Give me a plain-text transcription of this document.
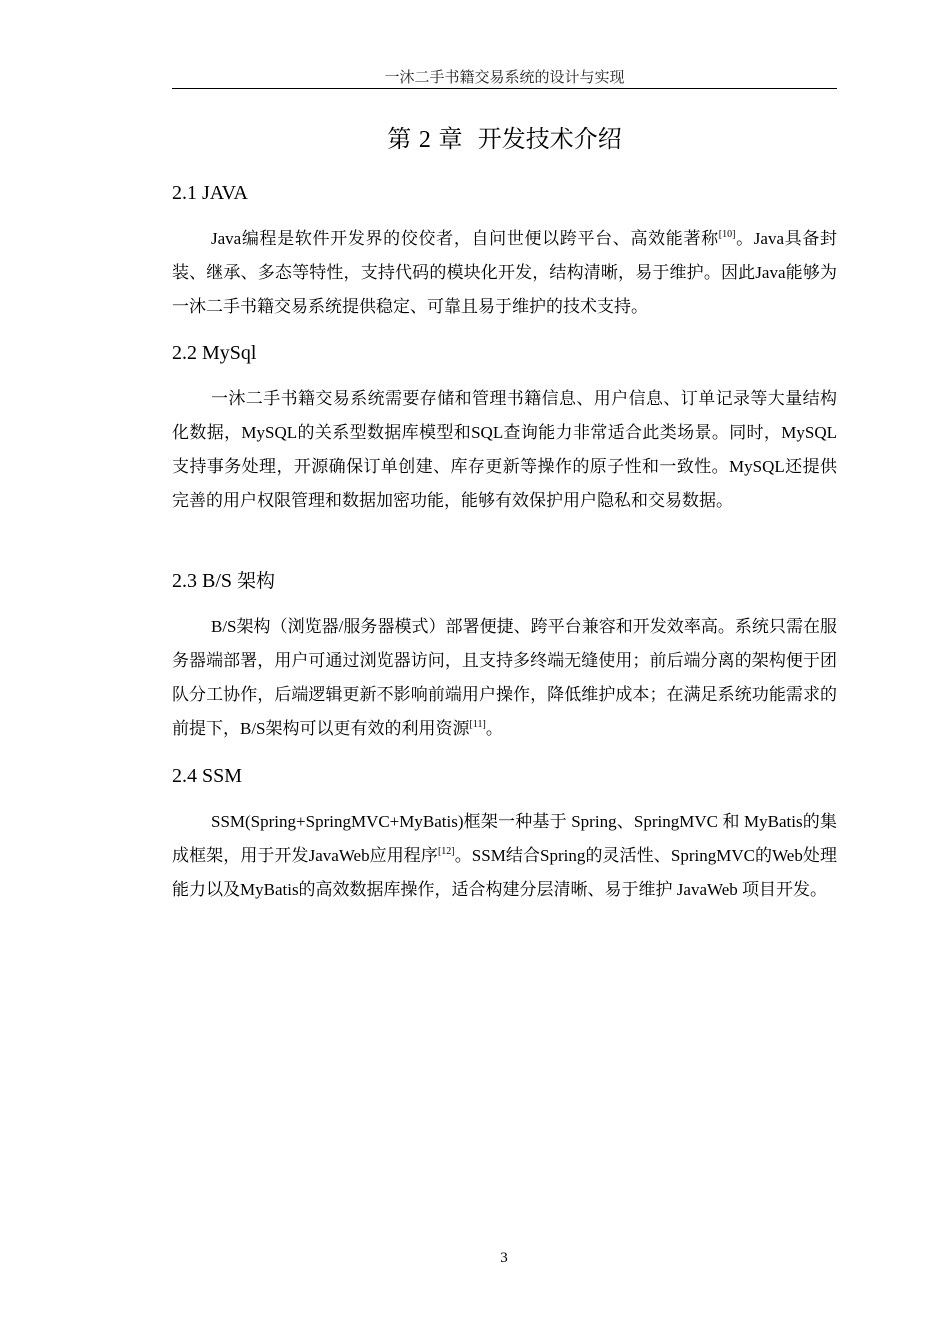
一沐二手书籍交易系统的设计与实现
第 2 章 开发技术介绍
2.1 JAVA

Java编程是软件开发界的佼佼者，自问世便以跨平台、高效能著称[10]。Java具备封装、继承、多态等特性，支持代码的模块化开发，结构清晰，易于维护。因此Java能够为一沐二手书籍交易系统提供稳定、可靠且易于维护的技术支持。

2.2 MySql

一沐二手书籍交易系统需要存储和管理书籍信息、用户信息、订单记录等大量结构化数据，MySQL的关系型数据库模型和SQL查询能力非常适合此类场景。同时，MySQL支持事务处理，开源确保订单创建、库存更新等操作的原子性和一致性。MySQL还提供完善的用户权限管理和数据加密功能，能够有效保护用户隐私和交易数据。

2.3 B/S 架构

B/S架构（浏览器/服务器模式）部署便捷、跨平台兼容和开发效率高。系统只需在服务器端部署，用户可通过浏览器访问，且支持多终端无缝使用；前后端分离的架构便于团队分工协作，后端逻辑更新不影响前端用户操作，降低维护成本；在满足系统功能需求的前提下，B/S架构可以更有效的利用资源[11]。

2.4 SSM

SSM(Spring+SpringMVC+MyBatis)框架一种基于 Spring、SpringMVC 和 MyBatis的集成框架，用于开发JavaWeb应用程序[12]。SSM结合Spring的灵活性、SpringMVC的Web处理能力以及MyBatis的高效数据库操作，适合构建分层清晰、易于维护 JavaWeb 项目开发。

3
